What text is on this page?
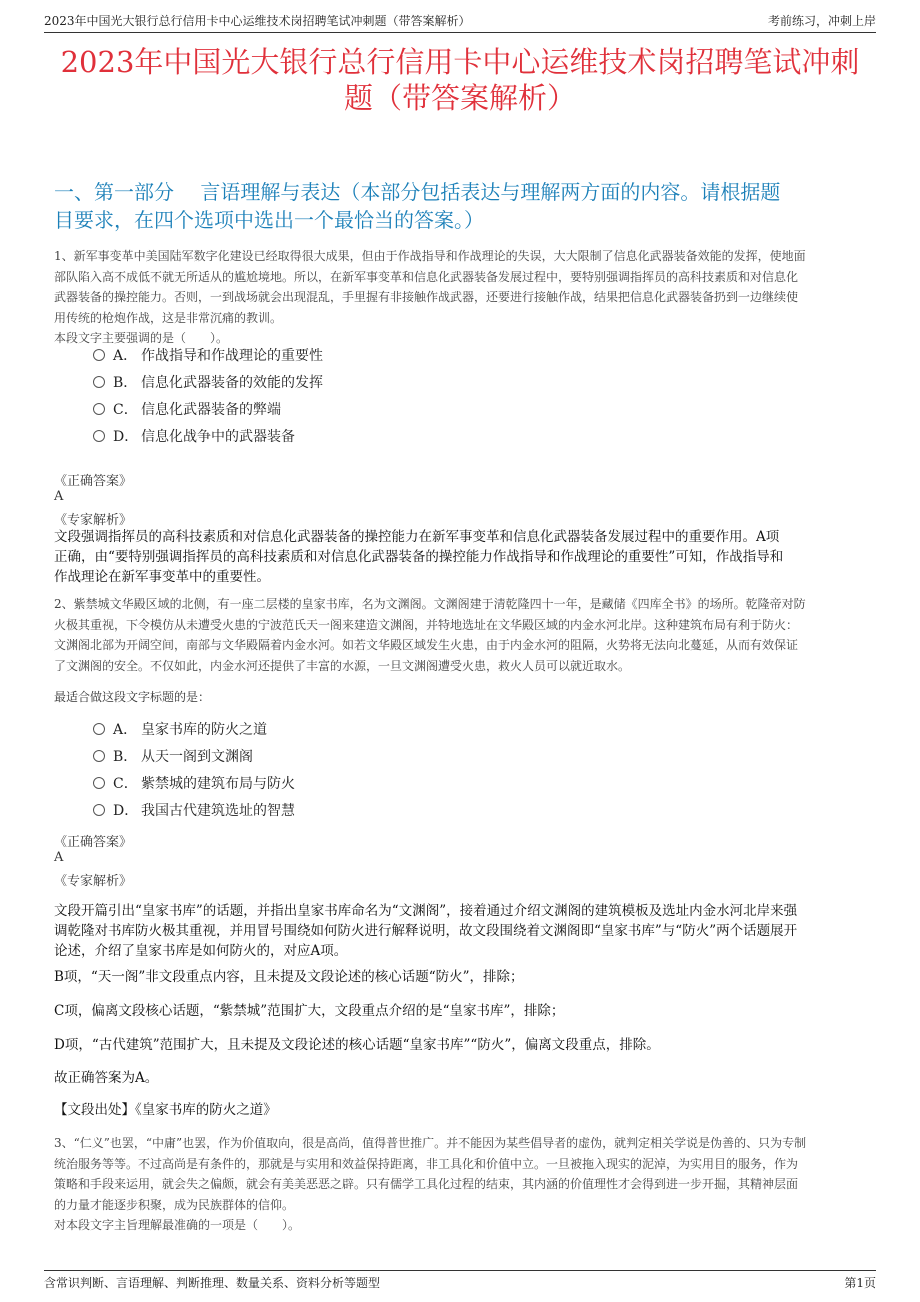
2023年中国光大银行总行信用卡中心运维技术岗招聘笔试冲刺题（带答案解析）	考前练习，冲刺上岸
2023年中国光大银行总行信用卡中心运维技术岗招聘笔试冲刺
题（带答案解析）
一、第一部分　 言语理解与表达（本部分包括表达与理解两方面的内容。请根据题
目要求，在四个选项中选出一个最恰当的答案。）
1、新军事变革中美国陆军数字化建设已经取得很大成果，但由于作战指导和作战理论的失误，大大限制了信息化武器装备效能的发挥，使地面
部队陷入高不成低不就无所适从的尴尬境地。所以，在新军事变革和信息化武器装备发展过程中，要特别强调指挥员的高科技素质和对信息化
武器装备的操控能力。否则，一到战场就会出现混乱，手里握有非接触作战武器，还要进行接触作战，结果把信息化武器装备扔到一边继续使
用传统的枪炮作战，这是非常沉痛的教训。
本段文字主要强调的是（　　）。
A． 作战指导和作战理论的重要性
B． 信息化武器装备的效能的发挥
C． 信息化武器装备的弊端
D． 信息化战争中的武器装备
《正确答案》
A
《专家解析》
文段强调指挥员的高科技素质和对信息化武器装备的操控能力在新军事变革和信息化武器装备发展过程中的重要作用。A项
正确，由“要特别强调指挥员的高科技素质和对信息化武器装备的操控能力作战指导和作战理论的重要性”可知，作战指导和
作战理论在新军事变革中的重要性。
2、紫禁城文华殿区域的北侧，有一座二层楼的皇家书库，名为文渊阁。文渊阁建于清乾隆四十一年，是藏储《四库全书》的场所。乾隆帝对防
火极其重视，下令模仿从未遭受火患的宁波范氏天一阁来建造文渊阁，并特地选址在文华殿区域的内金水河北岸。这种建筑布局有利于防火：
文渊阁北部为开阔空间，南部与文华殿隔着内金水河。如若文华殿区域发生火患，由于内金水河的阻隔，火势将无法向北蔓延，从而有效保证
了文渊阁的安全。不仅如此，内金水河还提供了丰富的水源，一旦文渊阁遭受火患，救火人员可以就近取水。
最适合做这段文字标题的是：
A． 皇家书库的防火之道
B． 从天一阁到文渊阁
C． 紫禁城的建筑布局与防火
D． 我国古代建筑选址的智慧
《正确答案》
A
《专家解析》
文段开篇引出“皇家书库”的话题，并指出皇家书库命名为“文渊阁”，接着通过介绍文渊阁的建筑模板及选址内金水河北岸来强
调乾隆对书库防火极其重视，并用冒号围绕如何防火进行解释说明，故文段围绕着文渊阁即“皇家书库”与“防火”两个话题展开
论述，介绍了皇家书库是如何防火的，对应A项。
B项，“天一阁”非文段重点内容，且未提及文段论述的核心话题“防火”，排除；
C项，偏离文段核心话题，“紫禁城”范围扩大，文段重点介绍的是“皇家书库”，排除；
D项，“古代建筑”范围扩大，且未提及文段论述的核心话题“皇家书库”“防火”，偏离文段重点，排除。
故正确答案为A。
【文段出处】《皇家书库的防火之道》
3、“仁义”也罢，“中庸”也罢，作为价值取向，很是高尚，值得普世推广。并不能因为某些倡导者的虚伪，就判定相关学说是伪善的、只为专制
统治服务等等。不过高尚是有条件的，那就是与实用和效益保持距离，非工具化和价值中立。一旦被拖入现实的泥淖，为实用目的服务，作为
策略和手段来运用，就会失之偏颇，就会有美美恶恶之辟。只有儒学工具化过程的结束，其内涵的价值理性才会得到进一步开掘，其精神层面
的力量才能逐步积聚，成为民族群体的信仰。
对本段文字主旨理解最准确的一项是（　　）。
含常识判断、言语理解、判断推理、数量关系、资料分析等题型	第1页
